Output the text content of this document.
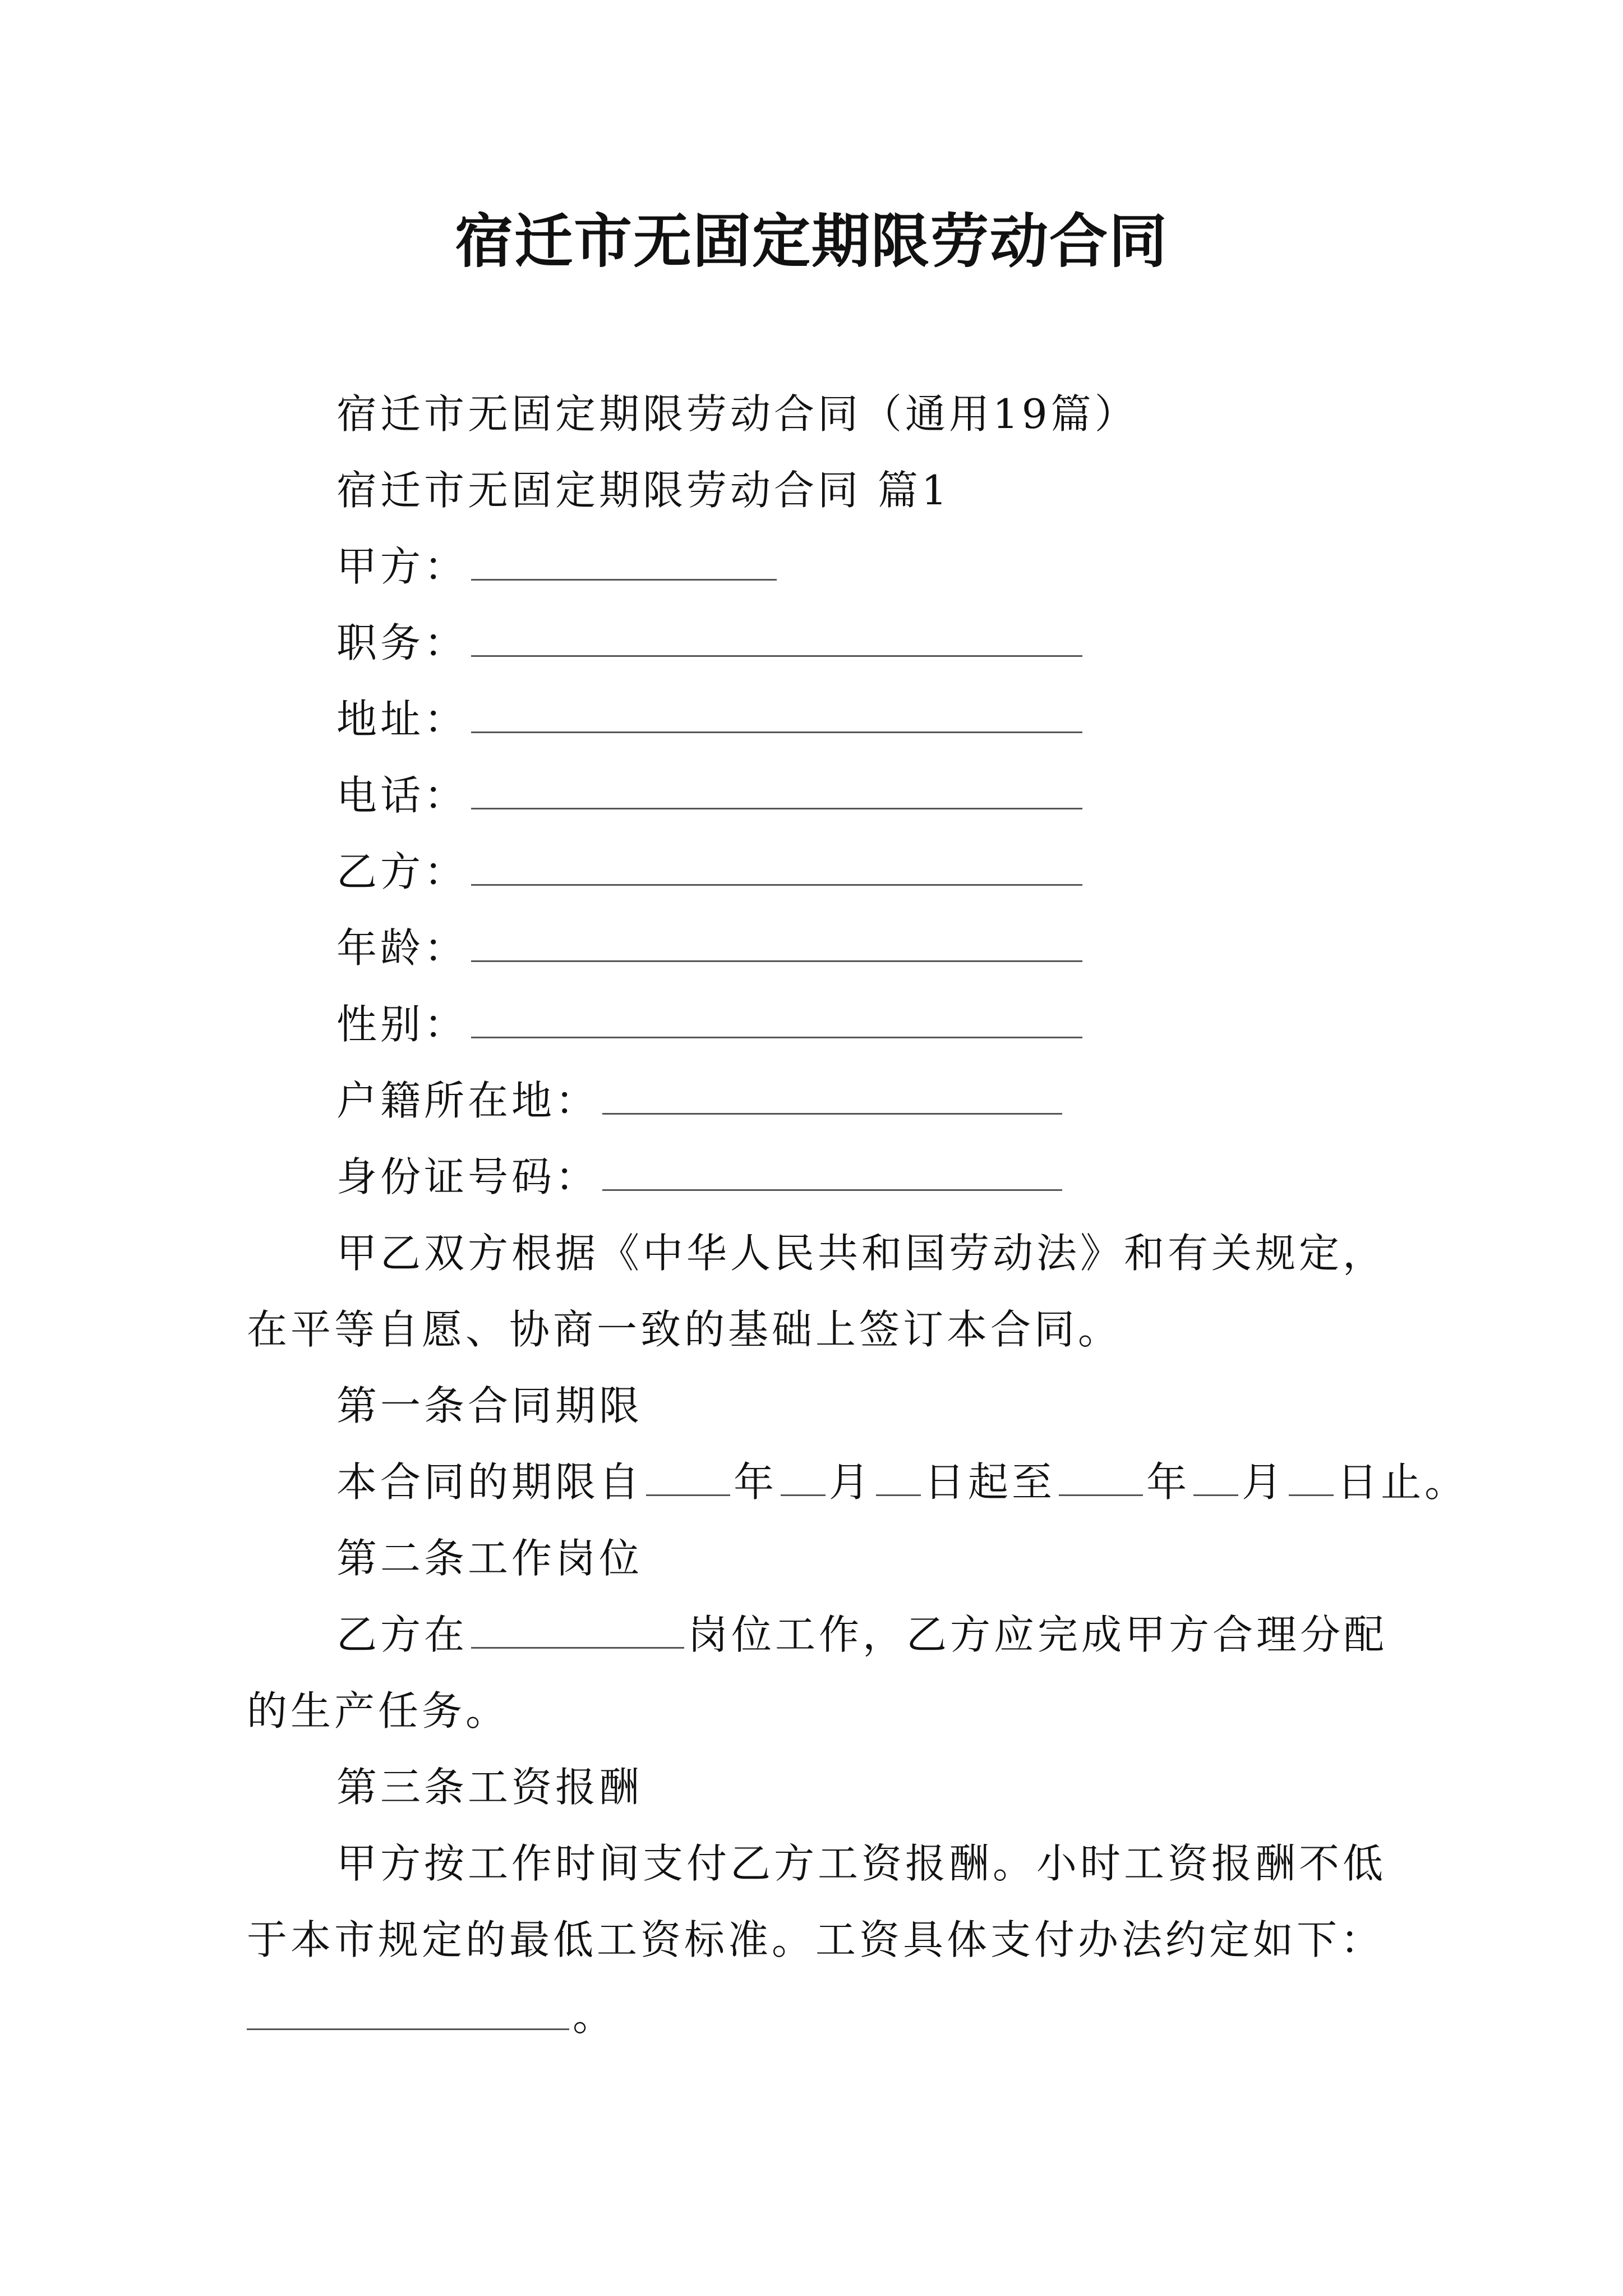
宿迁市无固定期限劳动合同
宿迁市无固定期限劳动合同（通用19篇）
宿迁市无固定期限劳动合同 篇1
甲方：
职务：
地址：
电话：
乙方：
年龄：
性别：
户籍所在地：
身份证号码：
甲乙双方根据《中华人民共和国劳动法》和有关规定，
在平等自愿、协商一致的基础上签订本合同。
第一条合同期限
本合同的期限自 年 月 日起至 年 月 日止。
第二条工作岗位
乙方在	岗位工作，乙方应完成甲方合理分配
的生产任务。
第三条工资报酬
甲方按工作时间支付乙方工资报酬。小时工资报酬不低
于本市规定的最低工资标准。工资具体支付办法约定如下：
。
